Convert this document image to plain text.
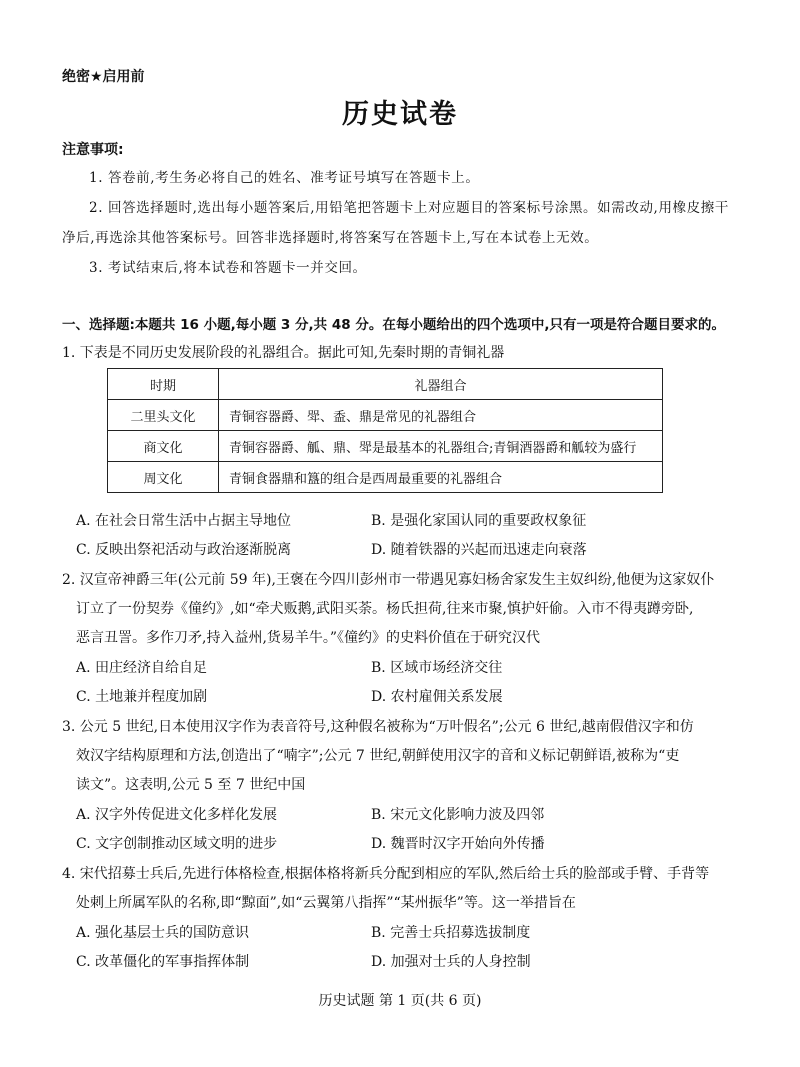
绝密★启用前
历史试卷
注意事项:

1. 答卷前,考生务必将自己的姓名、准考证号填写在答题卡上。

2. 回答选择题时,选出每小题答案后,用铅笔把答题卡上对应题目的答案标号涂黑。如需改动,用橡皮擦干净后,再选涂其他答案标号。回答非选择题时,将答案写在答题卡上,写在本试卷上无效。

3. 考试结束后,将本试卷和答题卡一并交回。

一、选择题:本题共 16 小题,每小题 3 分,共 48 分。在每小题给出的四个选项中,只有一项是符合题目要求的。

1. 下表是不同历史发展阶段的礼器组合。据此可知,先秦时期的青铜礼器

时期	礼器组合
二里头文化	青铜容器爵、斝、盉、鼎是常见的礼器组合
商文化	青铜容器爵、觚、鼎、斝是最基本的礼器组合;青铜酒器爵和觚较为盛行
周文化	青铜食器鼎和簋的组合是西周最重要的礼器组合
A. 在社会日常生活中占据主导地位	B. 是强化家国认同的重要政权象征
C. 反映出祭祀活动与政治逐渐脱离	D. 随着铁器的兴起而迅速走向衰落

2. 汉宣帝神爵三年(公元前 59 年),王褒在今四川彭州市一带遇见寡妇杨舍家发生主奴纠纷,他便为这家奴仆

订立了一份契券《僮约》,如“牵犬贩鹅,武阳买荼。杨氏担荷,往来市聚,慎护奸偷。入市不得夷蹲旁卧,

恶言丑詈。多作刀矛,持入益州,货易羊牛。”《僮约》的史料价值在于研究汉代

A. 田庄经济自给自足	B. 区域市场经济交往
C. 土地兼并程度加剧	D. 农村雇佣关系发展

3. 公元 5 世纪,日本使用汉字作为表音符号,这种假名被称为“万叶假名”;公元 6 世纪,越南假借汉字和仿

效汉字结构原理和方法,创造出了“喃字”;公元 7 世纪,朝鲜使用汉字的音和义标记朝鲜语,被称为“吏

读文”。这表明,公元 5 至 7 世纪中国

A. 汉字外传促进文化多样化发展	B. 宋元文化影响力波及四邻
C. 文字创制推动区域文明的进步	D. 魏晋时汉字开始向外传播

4. 宋代招募士兵后,先进行体格检查,根据体格将新兵分配到相应的军队,然后给士兵的脸部或手臂、手背等

处刺上所属军队的名称,即“黥面”,如“云翼第八指挥”“某州振华”等。这一举措旨在

A. 强化基层士兵的国防意识	B. 完善士兵招募选拔制度
C. 改革僵化的军事指挥体制	D. 加强对士兵的人身控制
历史试题 第 1 页(共 6 页)
